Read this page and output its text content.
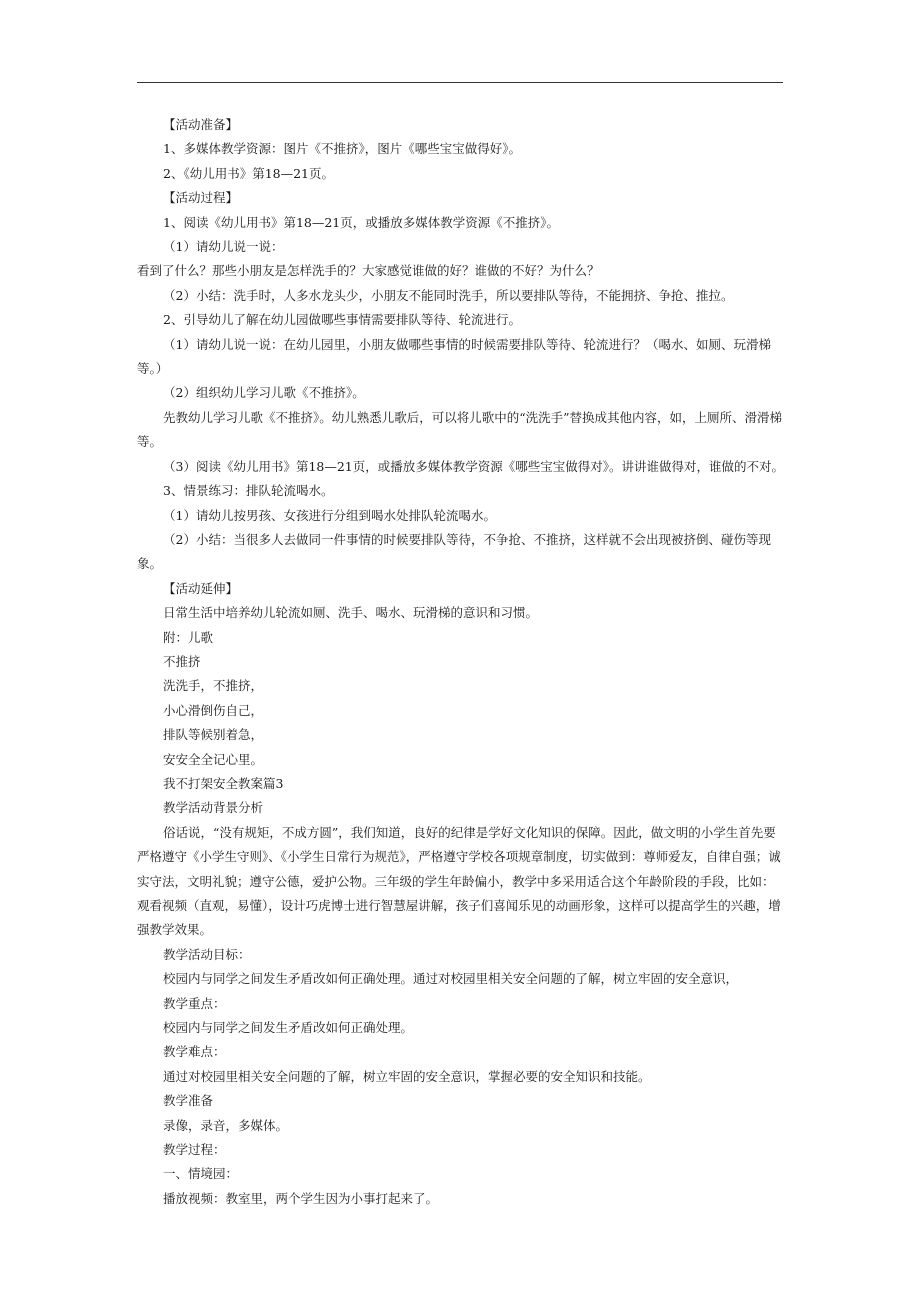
【活动准备】

1、多媒体教学资源：图片《不推挤》，图片《哪些宝宝做得好》。

2、《幼儿用书》第18—21页。

【活动过程】

1、阅读《幼儿用书》第18—21页，或播放多媒体教学资源《不推挤》。

（1）请幼儿说一说：

看到了什么？那些小朋友是怎样洗手的？大家感觉谁做的好？谁做的不好？为什么？

（2）小结：洗手时，人多水龙头少，小朋友不能同时洗手，所以要排队等待，不能拥挤、争抢、推拉。

2、引导幼儿了解在幼儿园做哪些事情需要排队等待、轮流进行。

（1）请幼儿说一说：在幼儿园里，小朋友做哪些事情的时候需要排队等待、轮流进行？（喝水、如厕、玩滑梯等。）

（2）组织幼儿学习儿歌《不推挤》。

先教幼儿学习儿歌《不推挤》。幼儿熟悉儿歌后，可以将儿歌中的“洗洗手”替换成其他内容，如，上厕所、滑滑梯等。

（3）阅读《幼儿用书》第18—21页，或播放多媒体教学资源《哪些宝宝做得对》。讲讲谁做得对，谁做的不对。

3、情景练习：排队轮流喝水。

（1）请幼儿按男孩、女孩进行分组到喝水处排队轮流喝水。

（2）小结：当很多人去做同一件事情的时候要排队等待，不争抢、不推挤，这样就不会出现被挤倒、碰伤等现象。

【活动延伸】

日常生活中培养幼儿轮流如厕、洗手、喝水、玩滑梯的意识和习惯。

附：儿歌

不推挤

洗洗手，不推挤，

小心滑倒伤自己，

排队等候别着急，

安安全全记心里。

我不打架安全教案篇3

教学活动背景分析

俗话说，“没有规矩，不成方圆”，我们知道，良好的纪律是学好文化知识的保障。因此，做文明的小学生首先要严格遵守《小学生守则》、《小学生日常行为规范》，严格遵守学校各项规章制度，切实做到：尊师爱友，自律自强；诚实守法，文明礼貌；遵守公德，爱护公物。三年级的学生年龄偏小，教学中多采用适合这个年龄阶段的手段，比如：观看视频（直观，易懂），设计巧虎博士进行智慧屋讲解，孩子们喜闻乐见的动画形象，这样可以提高学生的兴趣，增强教学效果。

教学活动目标：

校园内与同学之间发生矛盾改如何正确处理。通过对校园里相关安全问题的了解，树立牢固的安全意识，

教学重点：

校园内与同学之间发生矛盾改如何正确处理。

教学难点：

通过对校园里相关安全问题的了解，树立牢固的安全意识，掌握必要的安全知识和技能。

教学准备

录像，录音，多媒体。

教学过程：

一、情境园：

播放视频：教室里，两个学生因为小事打起来了。
